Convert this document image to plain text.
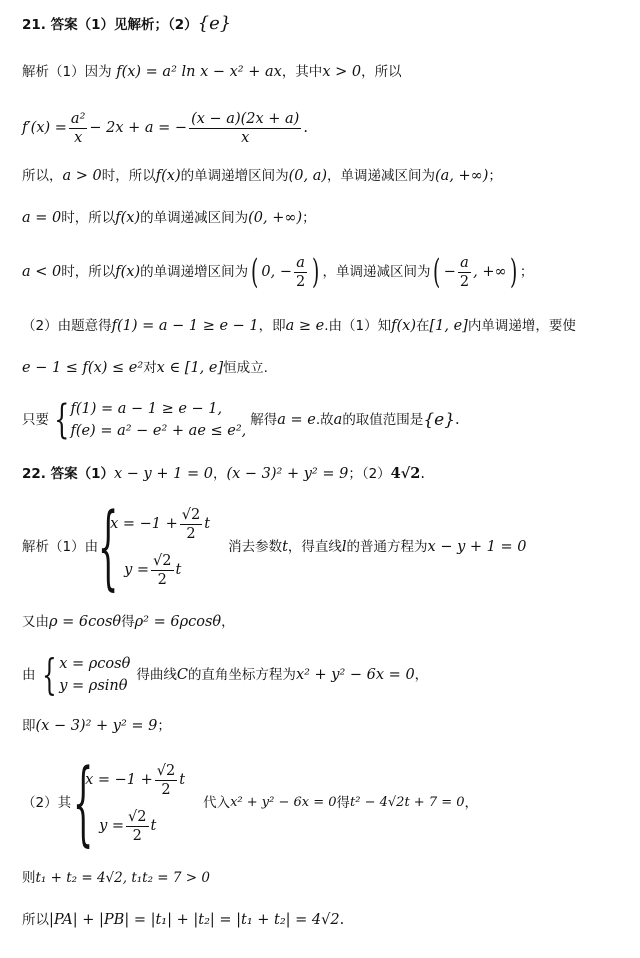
21. 答案（1）见解析；（2）{e}
解析（1）因为 f(x) = a² ln x − x² + ax，其中x > 0，所以
$f'(x) = \frac{\text{a²}}{x} - 2x + a$ = − $\frac{(x - a)(2x + a)}{x}$ .
所以，a > 0时，所以f(x)的单调递增区间为(0, a)，单调递减区间为(a, +∞)；
a = 0时，所以f(x)的单调递减区间为(0, +∞)；
a < 0 时，所以 f(x) 的单调递增区间为 ( 0, − $\frac{a}{2}$ ) ，单调递减区间为 ( − $\frac{a}{2}$ , +∞ ) ；
（2）由题意得f(1) = a − 1 ≥ e − 1，即a ≥ e.由（1）知f(x)在[1, e]内单调递增，要使
e − 1 ≤ f(x) ≤ e²对x ∈ [1, e]恒成立.
只要 { f(1) = a − 1 ≥ e − 1,
f(e) = a² − e² + ae ≤ e²,
解得 a = e .故 a 的取值范围是 {e} .
22. 答案（1）x − y + 1 = 0，(x − 3)² + y² = 9；（2）4√2.
解析（1）由 {
$x = -1 + \frac{√2}{2}$ t
$y = \frac{√2}{2}$ t
消去参数 t ，得直线 l 的普通方程为 x − y + 1 = 0
又由ρ = 6cosθ得ρ² = 6ρcosθ，
由 { x = ρcosθ
y = ρsinθ
得曲线 C 的直角坐标方程为 x² + y² − 6x = 0 ，
即(x − 3)² + y² = 9；
（2）其 {
$x = -1 + \frac{√2}{2}$ t
$y = \frac{√2}{2}$ t
代入 x² + y² − 6x = 0 得 t² − 4√2t + 7 = 0 ，
则t₁ + t₂ = 4√2, t₁t₂ = 7 > 0
所以|PA| + |PB| = |t₁| + |t₂| = |t₁ + t₂| = 4√2.
